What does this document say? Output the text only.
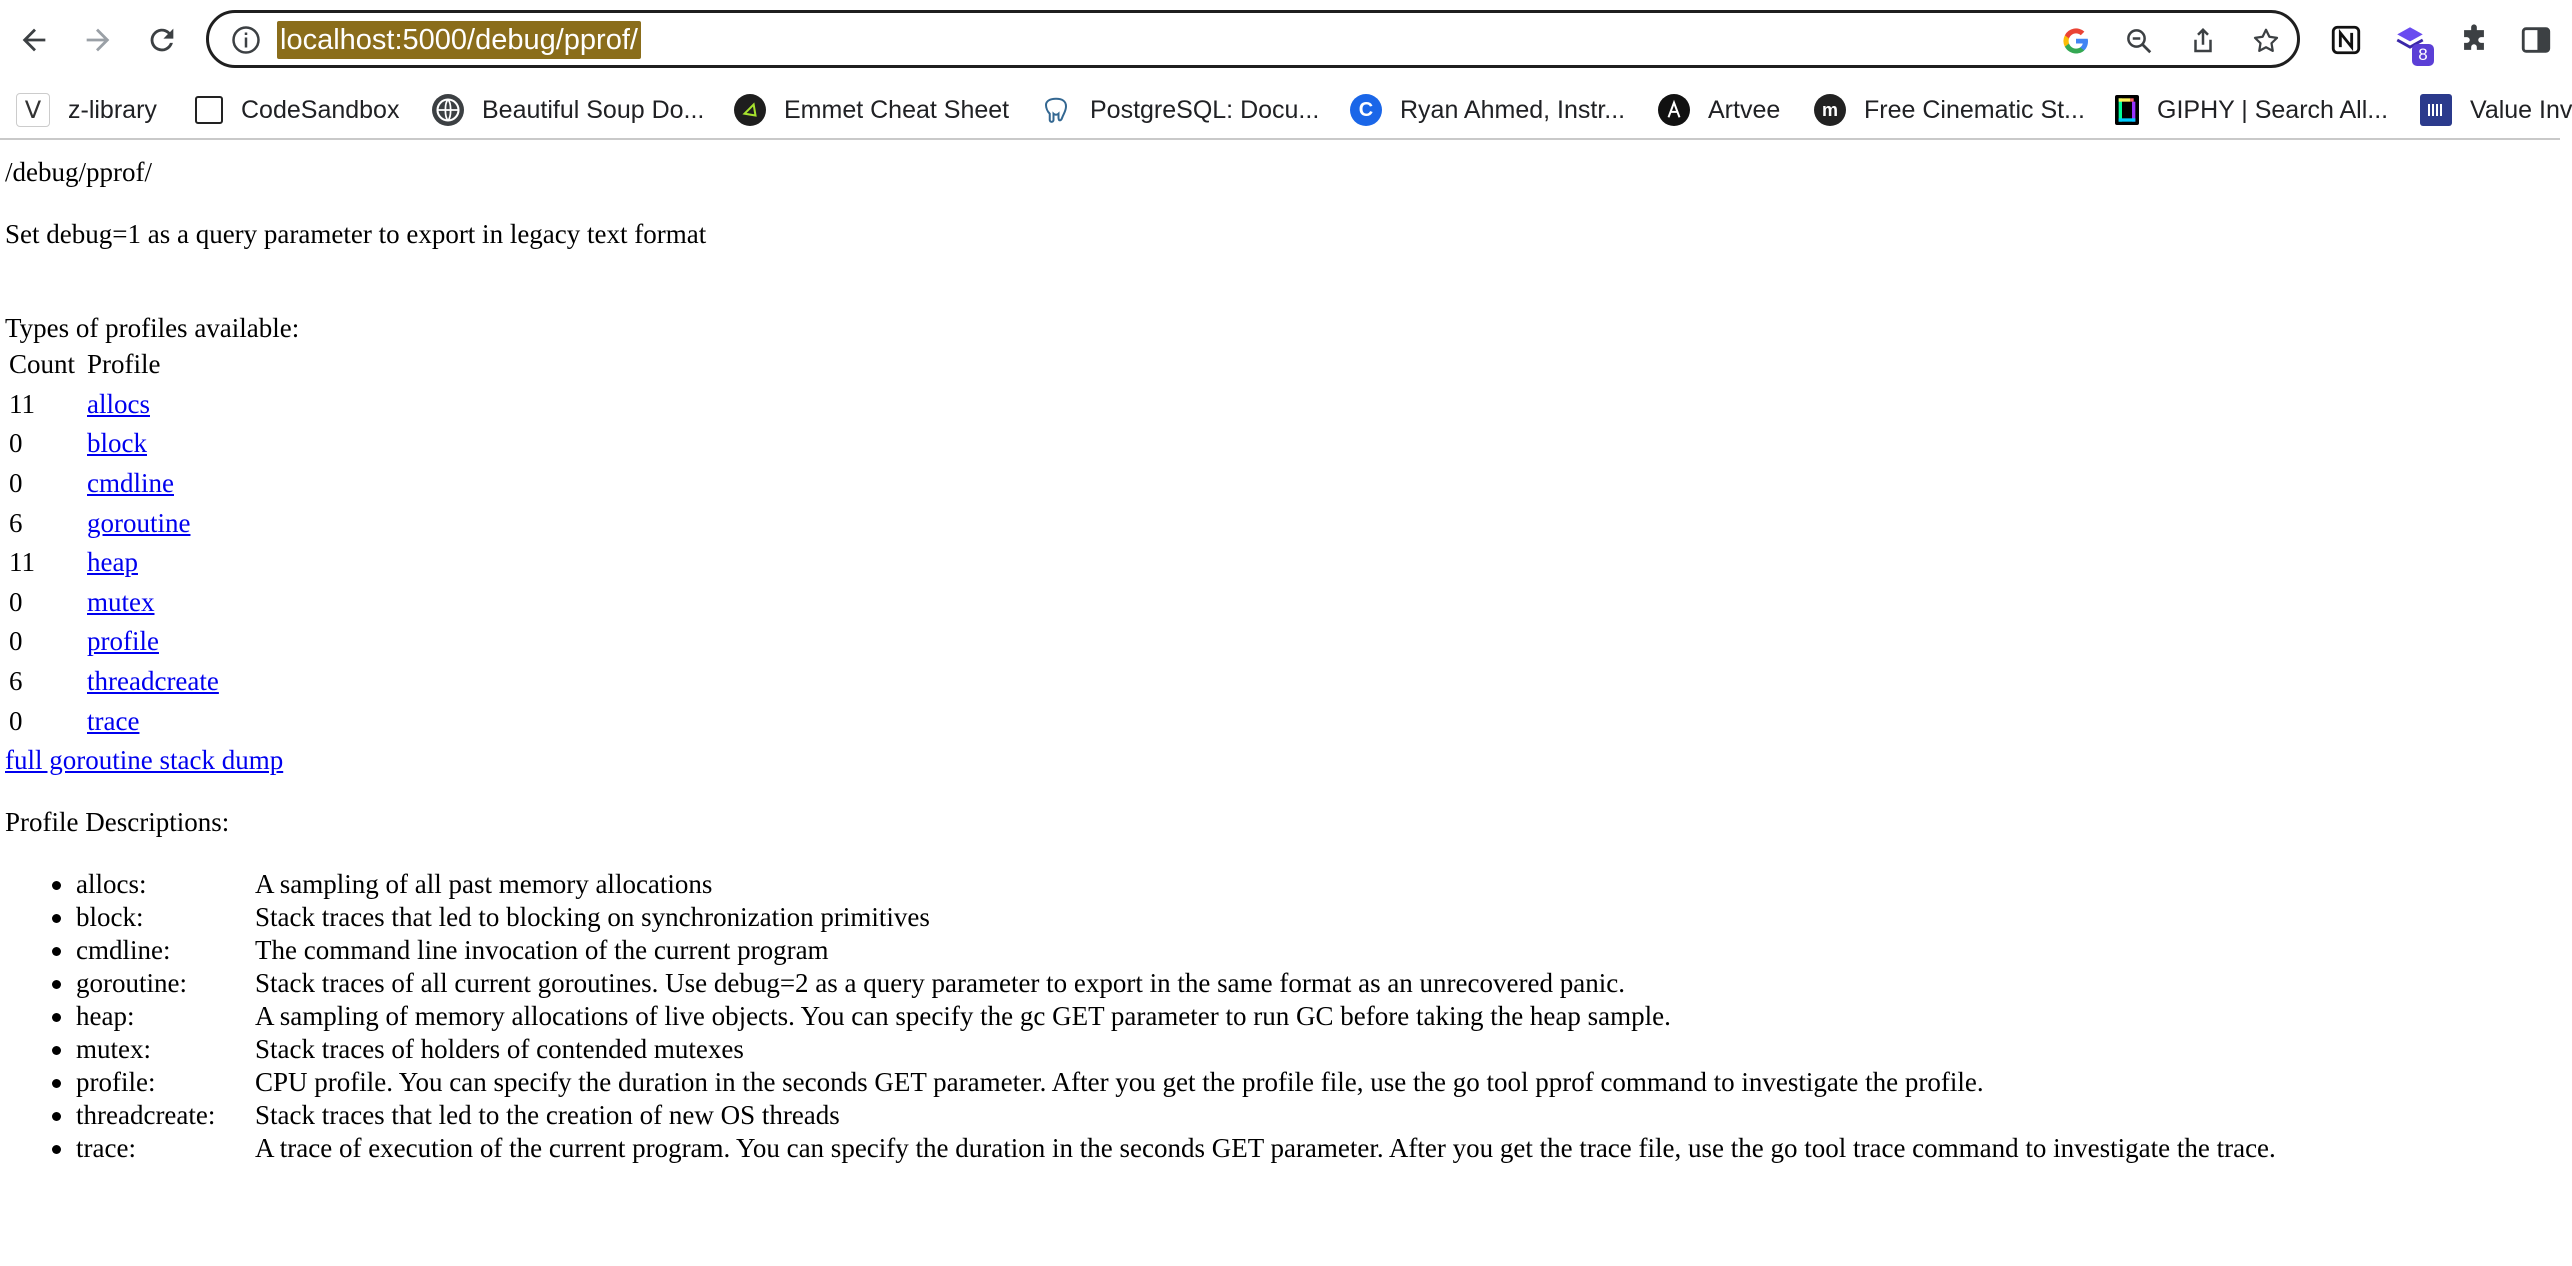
localhost:5000/debug/pprof/	8
Ⅴ	z-library	CodeSandbox	Beautiful Soup Do...	Emmet Cheat Sheet	PostgreSQL: Docu...	C	Ryan Ahmed, Instr...	Artvee	m	Free Cinematic St...	GIPHY | Search All...	Value Inv
/debug/pprof/
Set debug=1 as a query parameter to export in legacy text format
Types of profiles available:
Count	Profile
11	allocs
0	block
0	cmdline
6	goroutine
11	heap
0	mutex
0	profile
6	threadcreate
0	trace
full goroutine stack dump
Profile Descriptions:
allocs:	A sampling of all past memory allocations
block:	Stack traces that led to blocking on synchronization primitives
cmdline:	The command line invocation of the current program
goroutine:	Stack traces of all current goroutines. Use debug=2 as a query parameter to export in the same format as an unrecovered panic.
heap:	A sampling of memory allocations of live objects. You can specify the gc GET parameter to run GC before taking the heap sample.
mutex:	Stack traces of holders of contended mutexes
profile:	CPU profile. You can specify the duration in the seconds GET parameter. After you get the profile file, use the go tool pprof command to investigate the profile.
threadcreate: Stack traces that led to the creation of new OS threads
trace:	A trace of execution of the current program. You can specify the duration in the seconds GET parameter. After you get the trace file, use the go tool trace command to investigate the trace.
